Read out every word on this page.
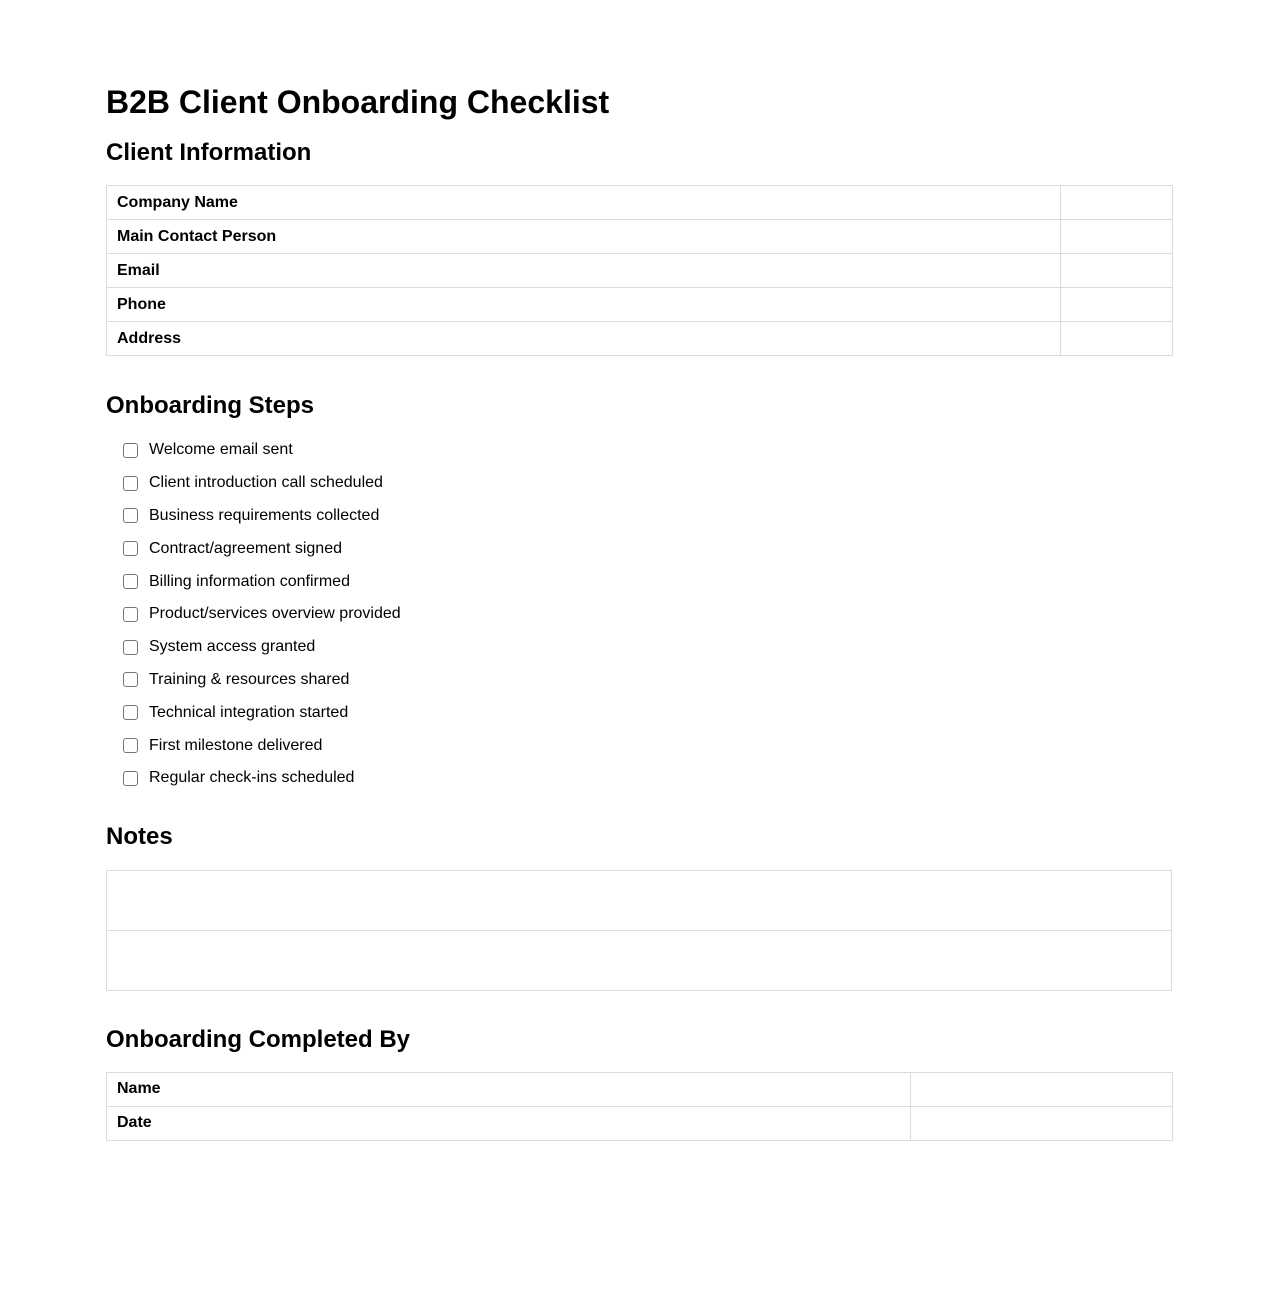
B2B Client Onboarding Checklist
Client Information
Company Name	
Main Contact Person	
Email	
Phone	
Address	
Onboarding Steps
Welcome email sent
Client introduction call scheduled
Business requirements collected
Contract/agreement signed
Billing information confirmed
Product/services overview provided
System access granted
Training & resources shared
Technical integration started
First milestone delivered
Regular check-ins scheduled
Notes
Onboarding Completed By
Name	
Date	
